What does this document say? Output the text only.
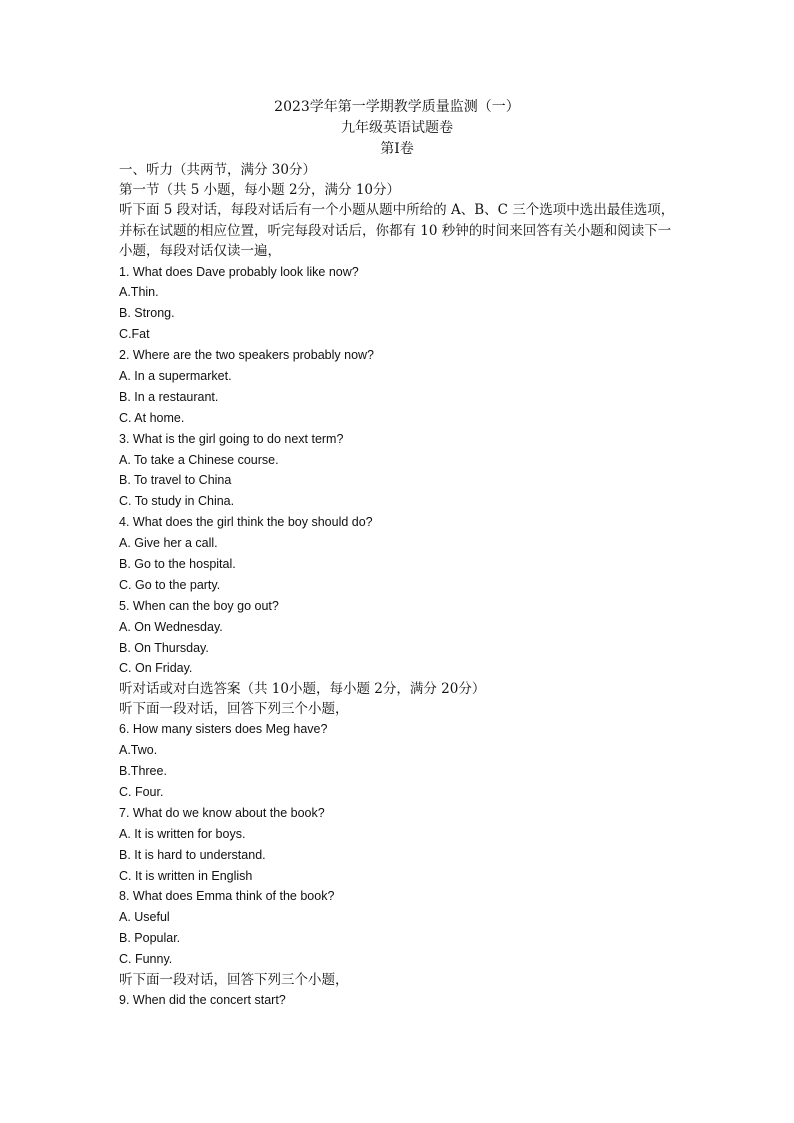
2023学年第一学期教学质量监测（一）
九年级英语试题卷
第Ⅰ卷
一、听力（共两节，满分 30分）
第一节（共 5 小题，每小题 2分，满分 10分）
听下面 5 段对话，每段对话后有一个小题从题中所给的 A、B、C 三个选项中选出最佳选项，并标在试题的相应位置，听完每段对话后，你都有 10 秒钟的时间来回答有关小题和阅读下一小题，每段对话仅读一遍，
1. What does Dave probably look like now?
A.Thin.
B. Strong.
C.Fat
2. Where are the two speakers probably now?
A. In a supermarket.
B. In a restaurant.
C. At home.
3. What is the girl going to do next term?
A. To take a Chinese course.
B. To travel to China
C. To study in China.
4. What does the girl think the boy should do?
A. Give her a call.
B. Go to the hospital.
C. Go to the party.
5. When can the boy go out?
A. On Wednesday.
B. On Thursday.
C. On Friday.
听对话或对白选答案（共 10小题，每小题 2分，满分 20分）
听下面一段对话，回答下列三个小题，
6. How many sisters does Meg have?
A.Two.
B.Three.
C. Four.
7. What do we know about the book?
A. It is written for boys.
B. It is hard to understand.
C. It is written in English
8. What does Emma think of the book?
A. Useful
B. Popular.
C. Funny.
听下面一段对话，回答下列三个小题，
9. When did the concert start?
